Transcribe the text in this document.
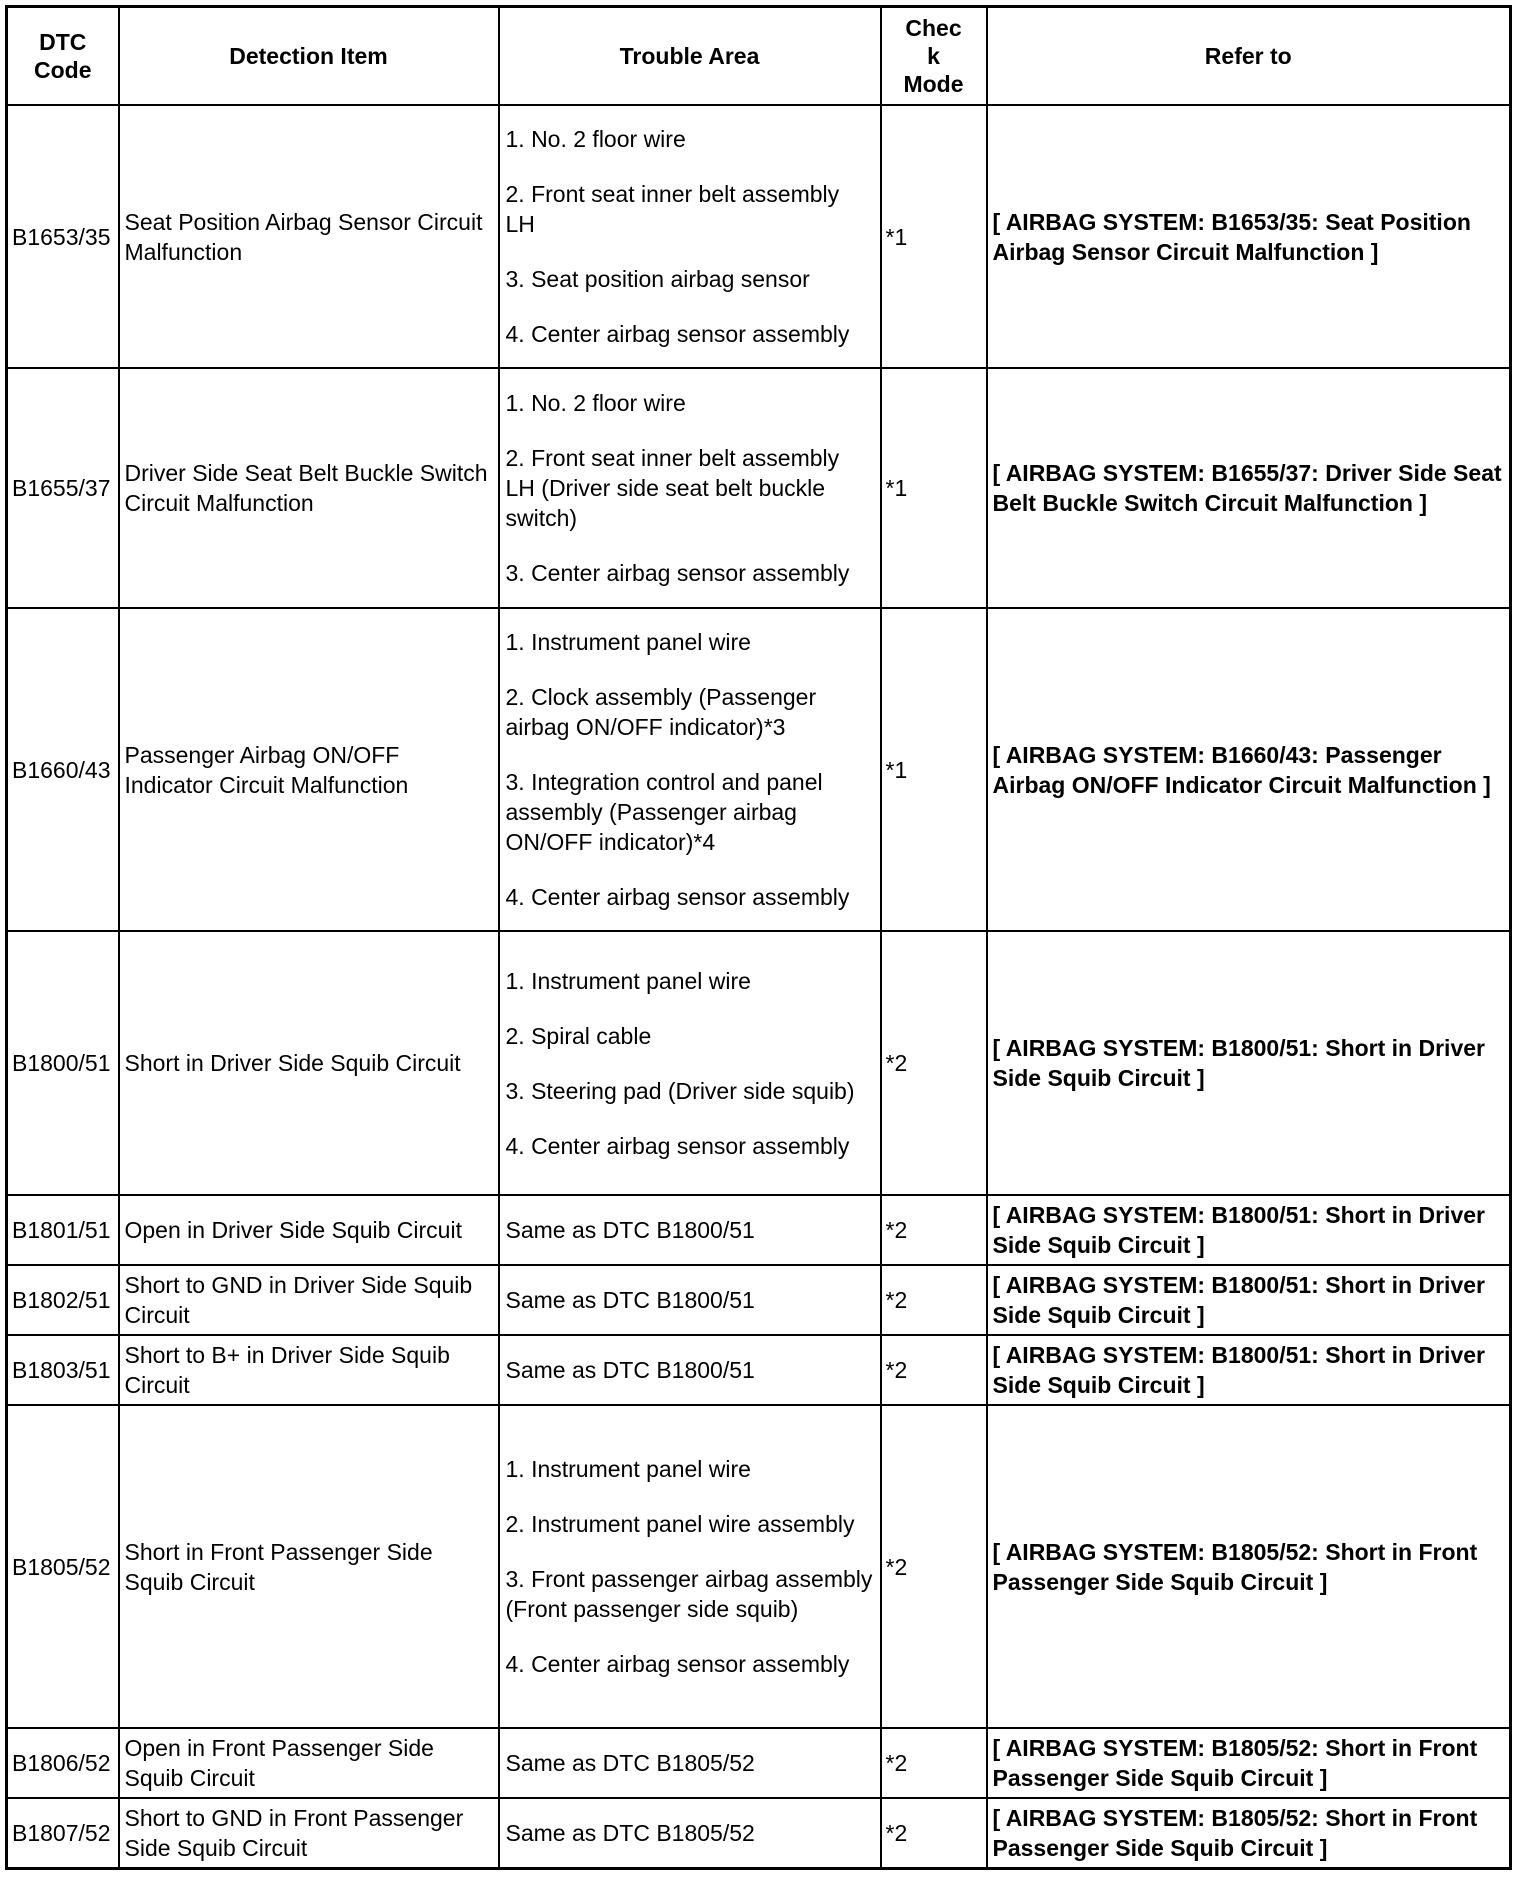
DTC Code	Detection Item	Trouble Area	Check Mode	Refer to
B1653/35	Seat Position Airbag Sensor Circuit Malfunction	1. No. 2 floor wire
2. Front seat inner belt assembly LH
3. Seat position airbag sensor
4. Center airbag sensor assembly	*1	[ AIRBAG SYSTEM: B1653/35: Seat Position Airbag Sensor Circuit Malfunction ]
B1655/37	Driver Side Seat Belt Buckle Switch Circuit Malfunction	1. No. 2 floor wire
2. Front seat inner belt assembly LH (Driver side seat belt buckle switch)
3. Center airbag sensor assembly	*1	[ AIRBAG SYSTEM: B1655/37: Driver Side Seat Belt Buckle Switch Circuit Malfunction ]
B1660/43	Passenger Airbag ON/OFF Indicator Circuit Malfunction	1. Instrument panel wire
2. Clock assembly (Passenger airbag ON/OFF indicator)*3
3. Integration control and panel assembly (Passenger airbag ON/OFF indicator)*4
4. Center airbag sensor assembly	*1	[ AIRBAG SYSTEM: B1660/43: Passenger Airbag ON/OFF Indicator Circuit Malfunction ]
B1800/51	Short in Driver Side Squib Circuit	1. Instrument panel wire
2. Spiral cable
3. Steering pad (Driver side squib)
4. Center airbag sensor assembly	*2	[ AIRBAG SYSTEM: B1800/51: Short in Driver Side Squib Circuit ]
B1801/51	Open in Driver Side Squib Circuit	Same as DTC B1800/51	*2	[ AIRBAG SYSTEM: B1800/51: Short in Driver Side Squib Circuit ]
B1802/51	Short to GND in Driver Side Squib Circuit	Same as DTC B1800/51	*2	[ AIRBAG SYSTEM: B1800/51: Short in Driver Side Squib Circuit ]
B1803/51	Short to B+ in Driver Side Squib Circuit	Same as DTC B1800/51	*2	[ AIRBAG SYSTEM: B1800/51: Short in Driver Side Squib Circuit ]
B1805/52	Short in Front Passenger Side Squib Circuit	1. Instrument panel wire
2. Instrument panel wire assembly
3. Front passenger airbag assembly (Front passenger side squib)
4. Center airbag sensor assembly	*2	[ AIRBAG SYSTEM: B1805/52: Short in Front Passenger Side Squib Circuit ]
B1806/52	Open in Front Passenger Side Squib Circuit	Same as DTC B1805/52	*2	[ AIRBAG SYSTEM: B1805/52: Short in Front Passenger Side Squib Circuit ]
B1807/52	Short to GND in Front Passenger Side Squib Circuit	Same as DTC B1805/52	*2	[ AIRBAG SYSTEM: B1805/52: Short in Front Passenger Side Squib Circuit ]
